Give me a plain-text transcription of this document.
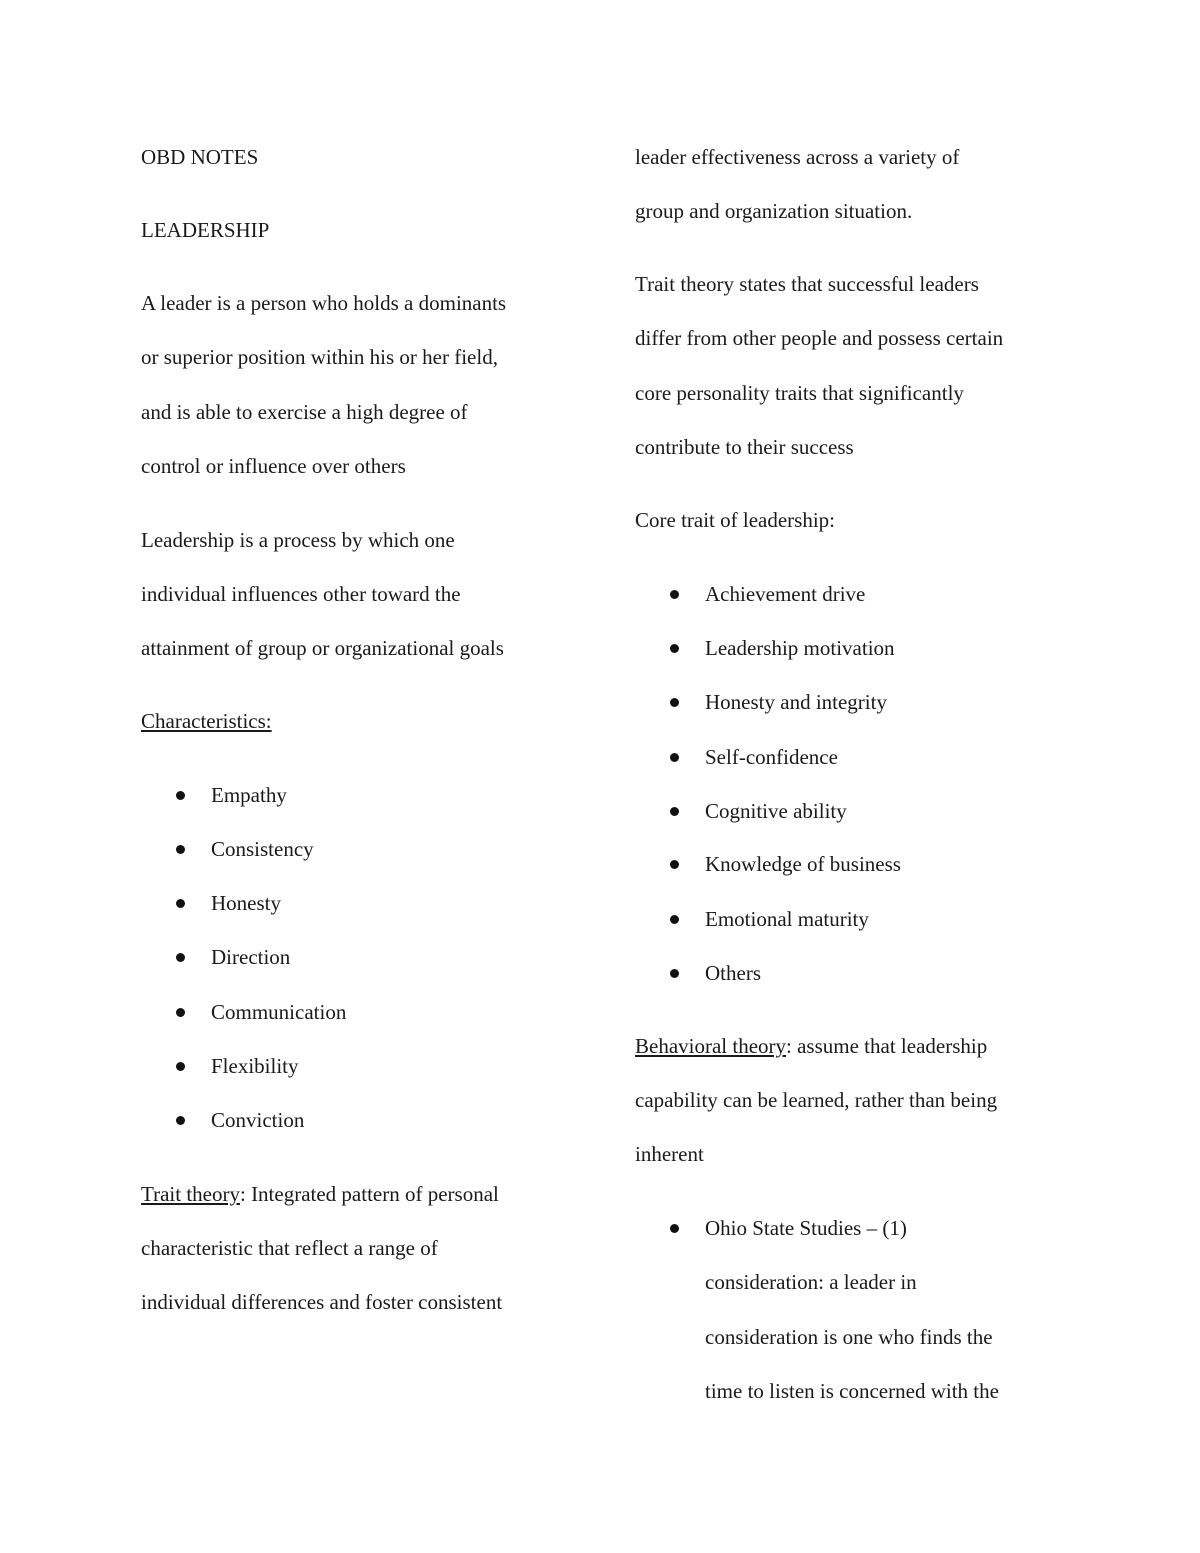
OBD NOTES
LEADERSHIP
A leader is a person who holds a dominants
or superior position within his or her field,
and is able to exercise a high degree of
control or influence over others
Leadership is a process by which one
individual influences other toward the
attainment of group or organizational goals
Characteristics:
Empathy
Consistency
Honesty
Direction
Communication
Flexibility
Conviction
Trait theory: Integrated pattern of personal
characteristic that reflect a range of
individual differences and foster consistent
leader effectiveness across a variety of
group and organization situation.
Trait theory states that successful leaders
differ from other people and possess certain
core personality traits that significantly
contribute to their success
Core trait of leadership:
Achievement drive
Leadership motivation
Honesty and integrity
Self-confidence
Cognitive ability
Knowledge of business
Emotional maturity
Others
Behavioral theory: assume that leadership
capability can be learned, rather than being
inherent
Ohio State Studies – (1)
consideration: a leader in
consideration is one who finds the
time to listen is concerned with the
